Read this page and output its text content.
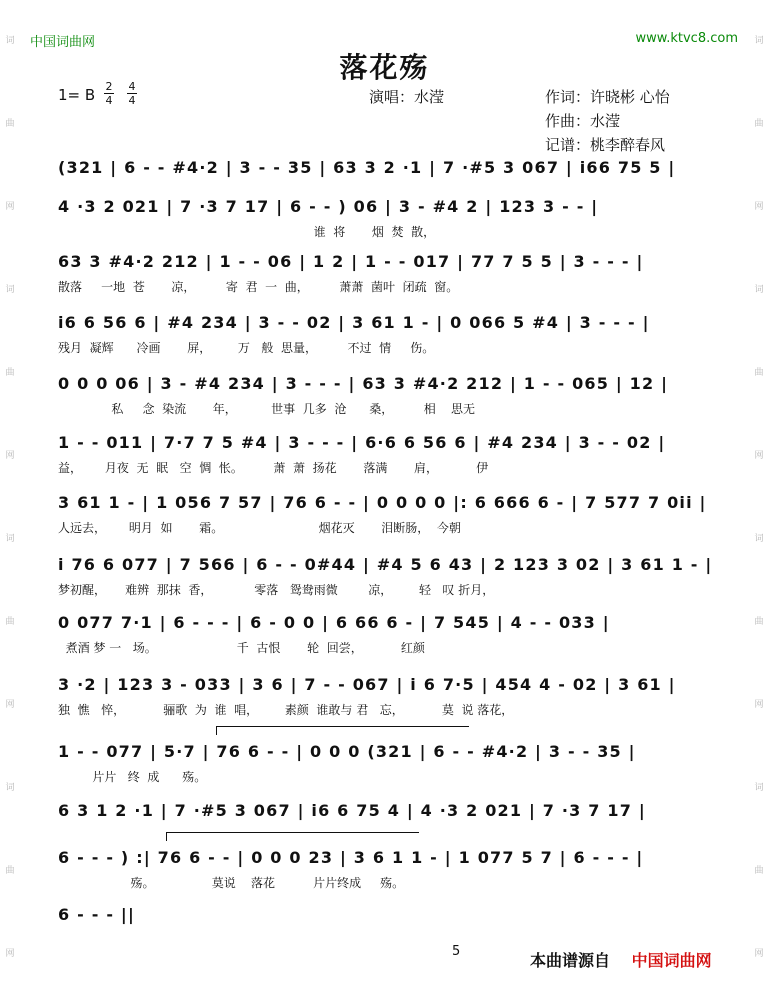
词
曲
网
词
曲
网
词
曲
网
词
曲
网
词
曲
网
词
曲
网
词
曲
网
词
曲
网
中国词曲网	www.ktvc8.com
落花殇
1= B 2
4
4
4	演唱：水滢	作词：许晓彬 心怡
作曲：水滢
记谱：桃李醉春风
(321 | 6 - - #4·2 | 3 - - 35 | 63 3 2 ·1 | 7 ·#5 3 067 | i66 75 5 |
4 ·3 2 021 | 7 ·3 7 17 | 6 - - ) 06 | 3 - #4 2 | 123 3 - - |
谁  将       烟  焚  散，
63 3 #4·2 212 | 1 - - 06 | 1 2 | 1 - - 017 | 77 7 5 5 | 3 - - - |
散落     一地  苍       凉，        寄  君  一  曲，        萧萧  菌叶  闭疏  窗。
i6 6 56 6 | #4 234 | 3 - - 02 | 3 61 1 - | 0 066 5 #4 | 3 - - - |
残月  凝辉      冷画       屏，       万   般  思量，        不过  情     伤。
0 0 0 06 | 3 - #4 234 | 3 - - - | 63 3 #4·2 212 | 1 - - 065 | 12 |
私     念  染流       年，         世事  几多  沧      桑，        相    思无
1 - - 011 | 7·7 7 5 #4 | 3 - - - | 6·6 6 56 6 | #4 234 | 3 - - 02 |
益，      月夜  无  眠   空  惆  怅。        萧  萧  扬花       落满       肩，          伊
3 61 1 - | 1 056 7 57 | 76 6 - - | 0 0 0 0 |: 6 666 6 - | 7 577 7 0ii |
人远去，      明月  如       霜。                         烟花灭       泪断肠，  今朝
i 76 6 077 | 7 566 | 6 - - 0#44 | #4 5 6 43 | 2 123 3 02 | 3 61 1 - |
梦初醒，     难辨  那抹  香，           零落   鸳鸯雨微        凉，       轻   叹 折月，
0 077 7·1 | 6 - - - | 6 - 0 0 | 6 66 6 - | 7 545 | 4 - - 033 |
煮酒 梦 一   场。                     千  古恨       轮  回尝，          红颜
3 ·2 | 123 3 - 033 | 3 6 | 7 - - 067 | i 6 7·5 | 454 4 - 02 | 3 61 |
独  憔   悴，          骊歌  为  谁  唱，       素颜  谁敢与 君   忘，          莫  说 落花，
1 - - 077 | 5·7 | 76 6 - - | 0 0 0 (321 | 6 - - #4·2 | 3 - - 35 |
片片   终  成      殇。
6 3 1 2 ·1 | 7 ·#5 3 067 | i6 6 75 4 | 4 ·3 2 021 | 7 ·3 7 17 |
6 - - - ) :| 76 6 - - | 0 0 0 23 | 3 6 1 1 - | 1 077 5 7 | 6 - - - |
殇。               莫说    落花          片片终成     殇。
6 - - - ||
5	本曲谱源自 中国词曲网
